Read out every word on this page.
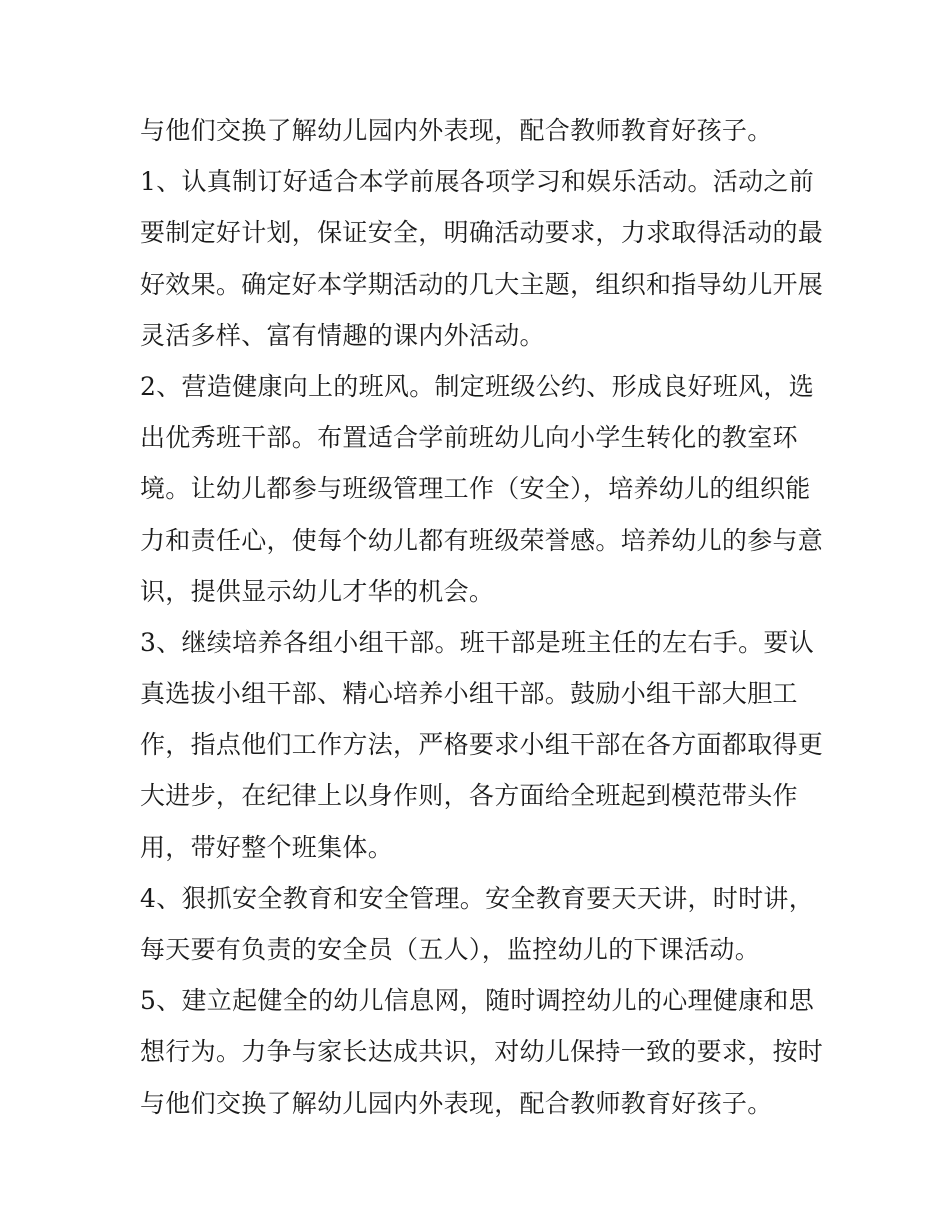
与他们交换了解幼儿园内外表现，配合教师教育好孩子。
1、认真制订好适合本学前展各项学习和娱乐活动。活动之前
要制定好计划，保证安全，明确活动要求，力求取得活动的最
好效果。确定好本学期活动的几大主题，组织和指导幼儿开展
灵活多样、富有情趣的课内外活动。
2、营造健康向上的班风。制定班级公约、形成良好班风，选
出优秀班干部。布置适合学前班幼儿向小学生转化的教室环
境。让幼儿都参与班级管理工作（安全），培养幼儿的组织能
力和责任心，使每个幼儿都有班级荣誉感。培养幼儿的参与意
识，提供显示幼儿才华的机会。
3、继续培养各组小组干部。班干部是班主任的左右手。要认
真选拔小组干部、精心培养小组干部。鼓励小组干部大胆工
作，指点他们工作方法，严格要求小组干部在各方面都取得更
大进步，在纪律上以身作则，各方面给全班起到模范带头作
用，带好整个班集体。
4、狠抓安全教育和安全管理。安全教育要天天讲，时时讲，
每天要有负责的安全员（五人），监控幼儿的下课活动。
5、建立起健全的幼儿信息网，随时调控幼儿的心理健康和思
想行为。力争与家长达成共识，对幼儿保持一致的要求，按时
与他们交换了解幼儿园内外表现，配合教师教育好孩子。
